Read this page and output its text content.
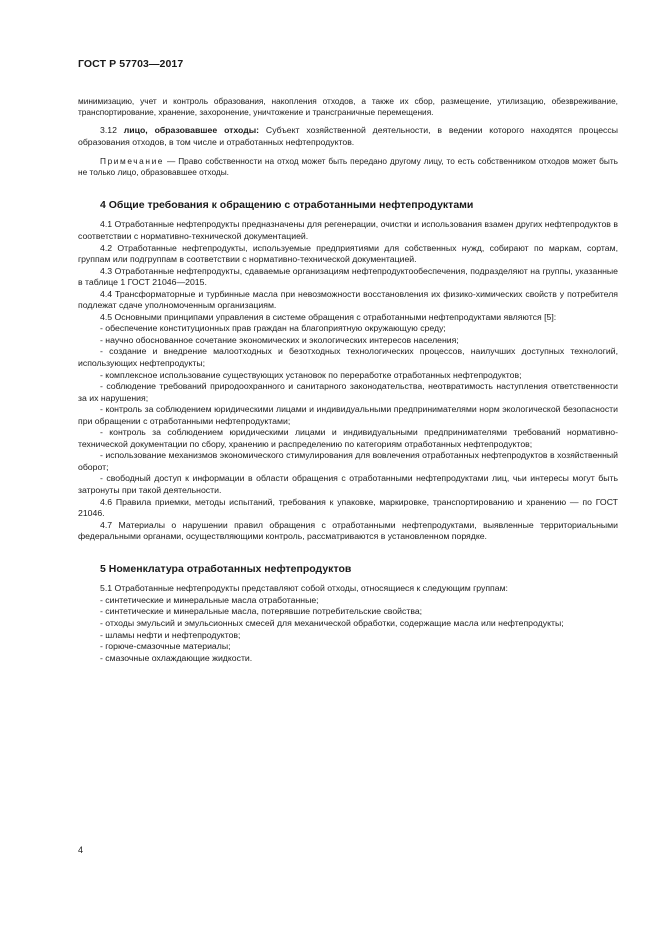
ГОСТ Р 57703—2017

минимизацию, учет и контроль образования, накопления отходов, а также их сбор, размещение, утилизацию, обезвреживание, транспортирование, хранение, захоронение, уничтожение и трансграничные перемещения.

3.12 лицо, образовавшее отходы: Субъект хозяйственной деятельности, в ведении которого находятся процессы образования отходов, в том числе и отработанных нефтепродуктов.

Примечание — Право собственности на отход может быть передано другому лицу, то есть собственником отходов может быть не только лицо, образовавшее отходы.

4 Общие требования к обращению с отработанными нефтепродуктами

4.1 Отработанные нефтепродукты предназначены для регенерации, очистки и использования взамен других нефтепродуктов в соответствии с нормативно-технической документацией.

4.2 Отработанные нефтепродукты, используемые предприятиями для собственных нужд, собирают по маркам, сортам, группам или подгруппам в соответствии с нормативно-технической документацией.

4.3 Отработанные нефтепродукты, сдаваемые организациям нефтепродуктообеспечения, подразделяют на группы, указанные в таблице 1 ГОСТ 21046—2015.

4.4 Трансформаторные и турбинные масла при невозможности восстановления их физико-химических свойств у потребителя подлежат сдаче уполномоченным организациям.

4.5 Основными принципами управления в системе обращения с отработанными нефтепродуктами являются [5]:

- обеспечение конституционных прав граждан на благоприятную окружающую среду;

- научно обоснованное сочетание экономических и экологических интересов населения;

- создание и внедрение малоотходных и безотходных технологических процессов, наилучших доступных технологий, использующих нефтепродукты;

- комплексное использование существующих установок по переработке отработанных нефтепродуктов;

- соблюдение требований природоохранного и санитарного законодательства, неотвратимость наступления ответственности за их нарушения;

- контроль за соблюдением юридическими лицами и индивидуальными предпринимателями норм экологической безопасности при обращении с отработанными нефтепродуктами;

- контроль за соблюдением юридическими лицами и индивидуальными предпринимателями требований нормативно-технической документации по сбору, хранению и распределению по категориям отработанных нефтепродуктов;

- использование механизмов экономического стимулирования для вовлечения отработанных нефтепродуктов в хозяйственный оборот;

- свободный доступ к информации в области обращения с отработанными нефтепродуктами лиц, чьи интересы могут быть затронуты при такой деятельности.

4.6 Правила приемки, методы испытаний, требования к упаковке, маркировке, транспортированию и хранению — по ГОСТ 21046.

4.7 Материалы о нарушении правил обращения с отработанными нефтепродуктами, выявленные территориальными федеральными органами, осуществляющими контроль, рассматриваются в установленном порядке.

5 Номенклатура отработанных нефтепродуктов

5.1 Отработанные нефтепродукты представляют собой отходы, относящиеся к следующим группам:

- синтетические и минеральные масла отработанные;

- синтетические и минеральные масла, потерявшие потребительские свойства;

- отходы эмульсий и эмульсионных смесей для механической обработки, содержащие масла или нефтепродукты;

- шламы нефти и нефтепродуктов;

- горюче-смазочные материалы;

- смазочные охлаждающие жидкости.

4
